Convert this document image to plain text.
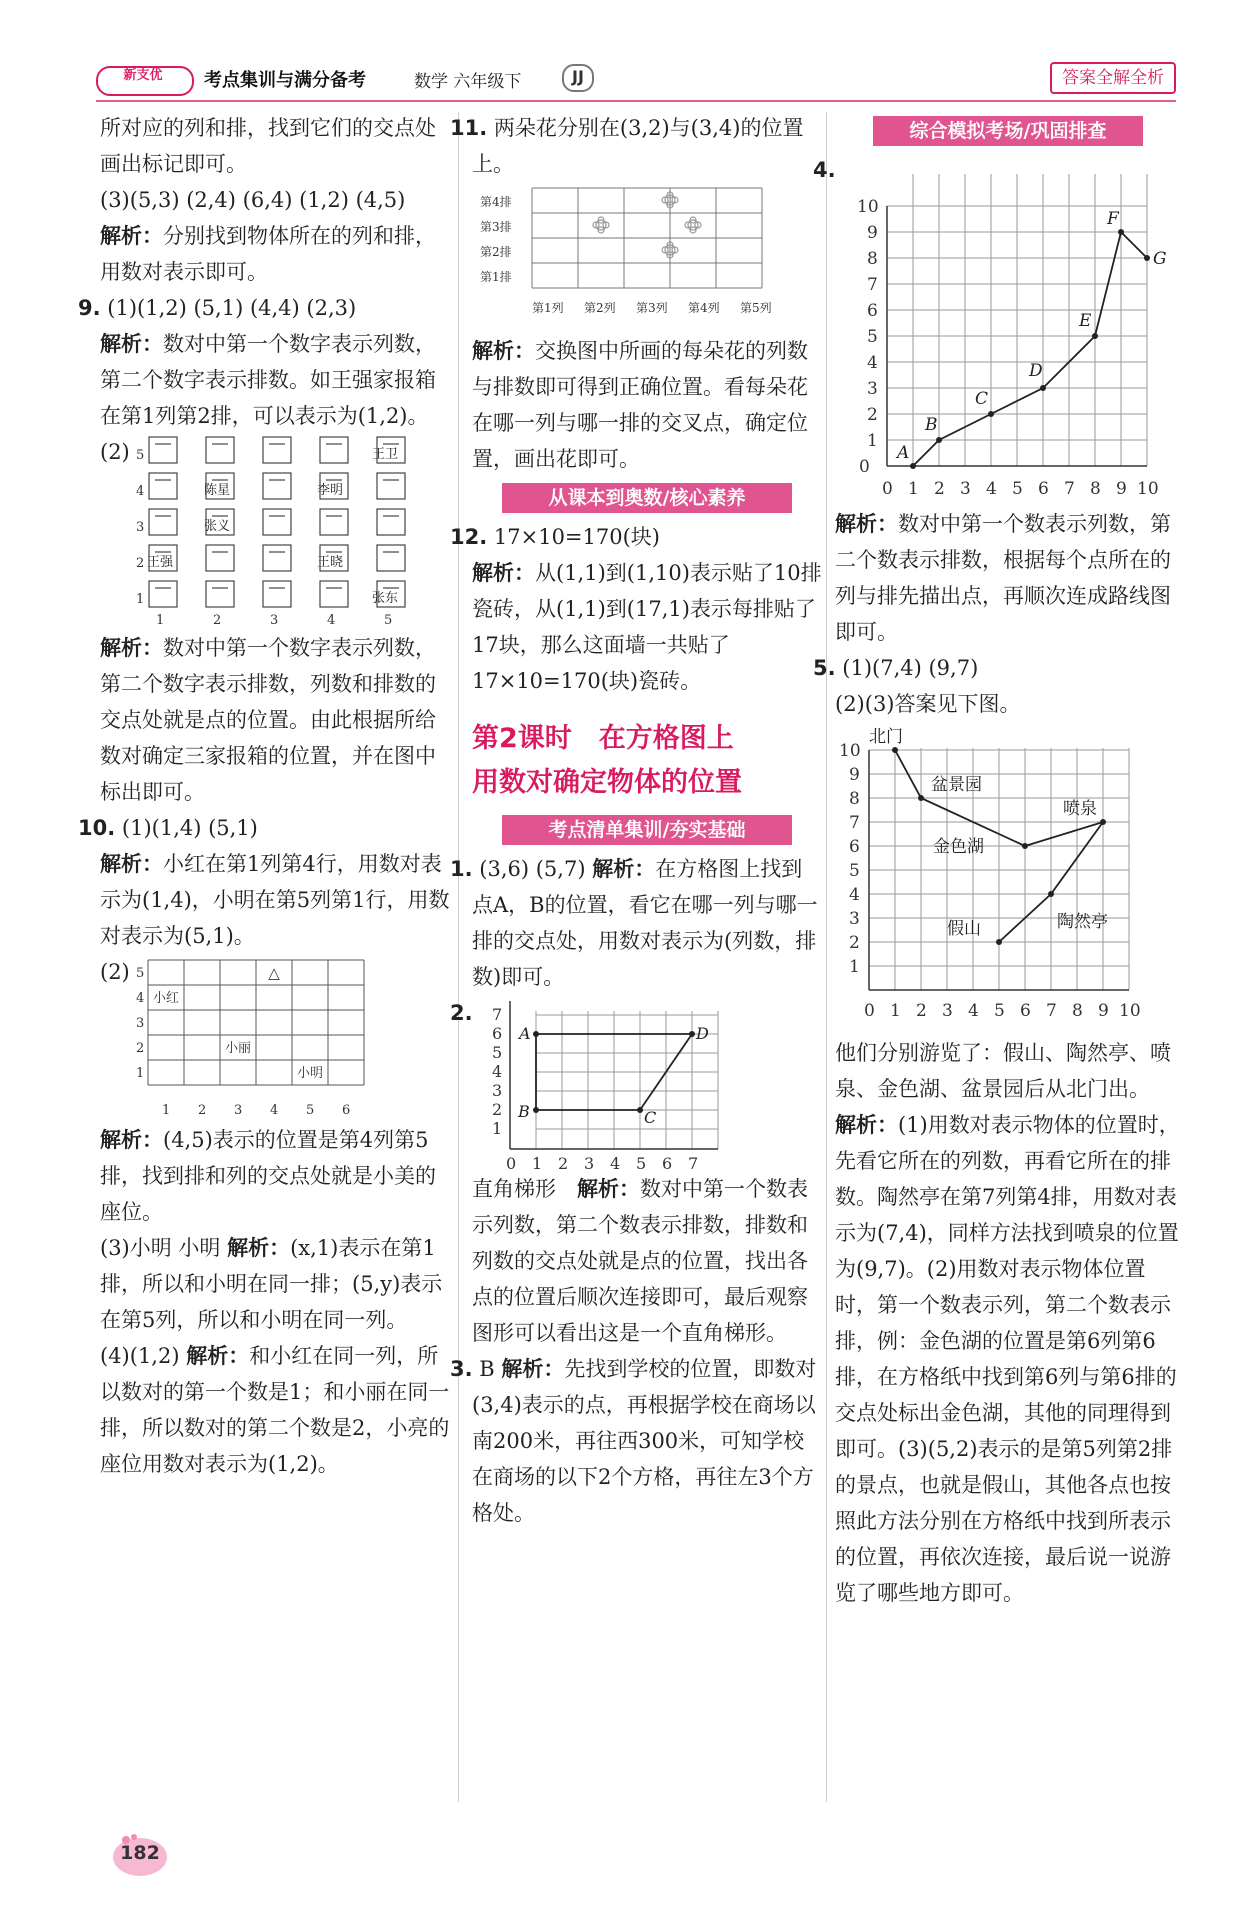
新支优	考点集训与满分备考	数学 六年级下	JJ	答案全解全析

所对应的列和排，找到它们的交点处画出标记即可。

(3)(5,3) (2,4) (6,4) (1,2) (4,5)

解析：分别找到物体所在的列和排，用数对表示即可。

9. (1)(1,2) (5,1) (4,4) (2,3)

解析：数对中第一个数字表示列数，第二个数字表示排数。如王强家报箱在第1列第2排，可以表示为(1,2)。

(2) 5
4
3
2
1
1	2	3	4	5
王卫
陈星	李明
张义
王强	王晓
张东

解析：数对中第一个数字表示列数，第二个数字表示排数，列数和排数的交点处就是点的位置。由此根据所给数对确定三家报箱的位置，并在图中标出即可。

10. (1)(1,4) (5,1)

解析：小红在第1列第4行，用数对表示为(1,4)，小明在第5列第1行，用数对表示为(5,1)。

(2) 5
4
3
2
1
1 2 3 4 5 6
小红
小丽
小明
△

解析：(4,5)表示的位置是第4列第5排，找到排和列的交点处就是小美的座位。

(3)小明 小明 解析：(x,1)表示在第1排，所以和小明在同一排；(5,y)表示在第5列，所以和小明在同一列。

(4)(1,2) 解析：和小红在同一列，所以数对的第一个数是1；和小丽在同一排，所以数对的第二个数是2，小亮的座位用数对表示为(1,2)。

11. 两朵花分别在(3,2)与(3,4)的位置上。

第4排
第3排
第2排
第1排
第1列 第2列 第3列 第4列 第5列

解析：交换图中所画的每朵花的列数与排数即可得到正确位置。看每朵花在哪一列与哪一排的交叉点，确定位置，画出花即可。

从课本到奥数/核心素养

12. 17×10=170(块)

解析：从(1,1)到(1,10)表示贴了10排瓷砖，从(1,1)到(17,1)表示每排贴了17块，那么这面墙一共贴了17×10=170(块)瓷砖。

第2课时　在方格图上
用数对确定物体的位置
考点清单集训/夯实基础

1. (3,6) (5,7) 解析：在方格图上找到点A，B的位置，看它在哪一列与哪一排的交点处，用数对表示为(列数，排数)即可。

2.
A	D
C
B
1
2
3
4
5
6
7
0 1 2 3 4 5 6 7

直角梯形　 解析：数对中第一个数表示列数，第二个数表示排数，排数和列数的交点处就是点的位置，找出各点的位置后顺次连接即可，最后观察图形可以看出这是一个直角梯形。

3. B 解析：先找到学校的位置，即数对(3,4)表示的点，再根据学校在商场以南200米，再往西300米，可知学校在商场的以下2个方格，再往左3个方格处。

综合模拟考场/巩固排查
4.
A
B
C
D
E
F
G
0
1
2
3
4
5
6
7
8
9
10
0 1 2 3 4 5 6 7 8 9 10

解析：数对中第一个数表示列数，第二个数表示排数，根据每个点所在的列与排先描出点，再顺次连成路线图即可。

5. (1)(7,4) (9,7)

(2)(3)答案见下图。

北门
盆景园
喷泉
金色湖
陶然亭
假山
1
2
3
4
5
6
7
8
9
10
0 1 2 3 4 5 6 7 8 9 10

他们分别游览了：假山、陶然亭、喷泉、金色湖、盆景园后从北门出。

解析：(1)用数对表示物体的位置时，先看它所在的列数，再看它所在的排数。陶然亭在第7列第4排，用数对表示为(7,4)，同样方法找到喷泉的位置为(9,7)。(2)用数对表示物体位置时，第一个数表示列，第二个数表示排，例：金色湖的位置是第6列第6排，在方格纸中找到第6列与第6排的交点处标出金色湖，其他的同理得到即可。(3)(5,2)表示的是第5列第2排的景点，也就是假山，其他各点也按照此方法分别在方格纸中找到所表示的位置，再依次连接，最后说一说游览了哪些地方即可。

182
